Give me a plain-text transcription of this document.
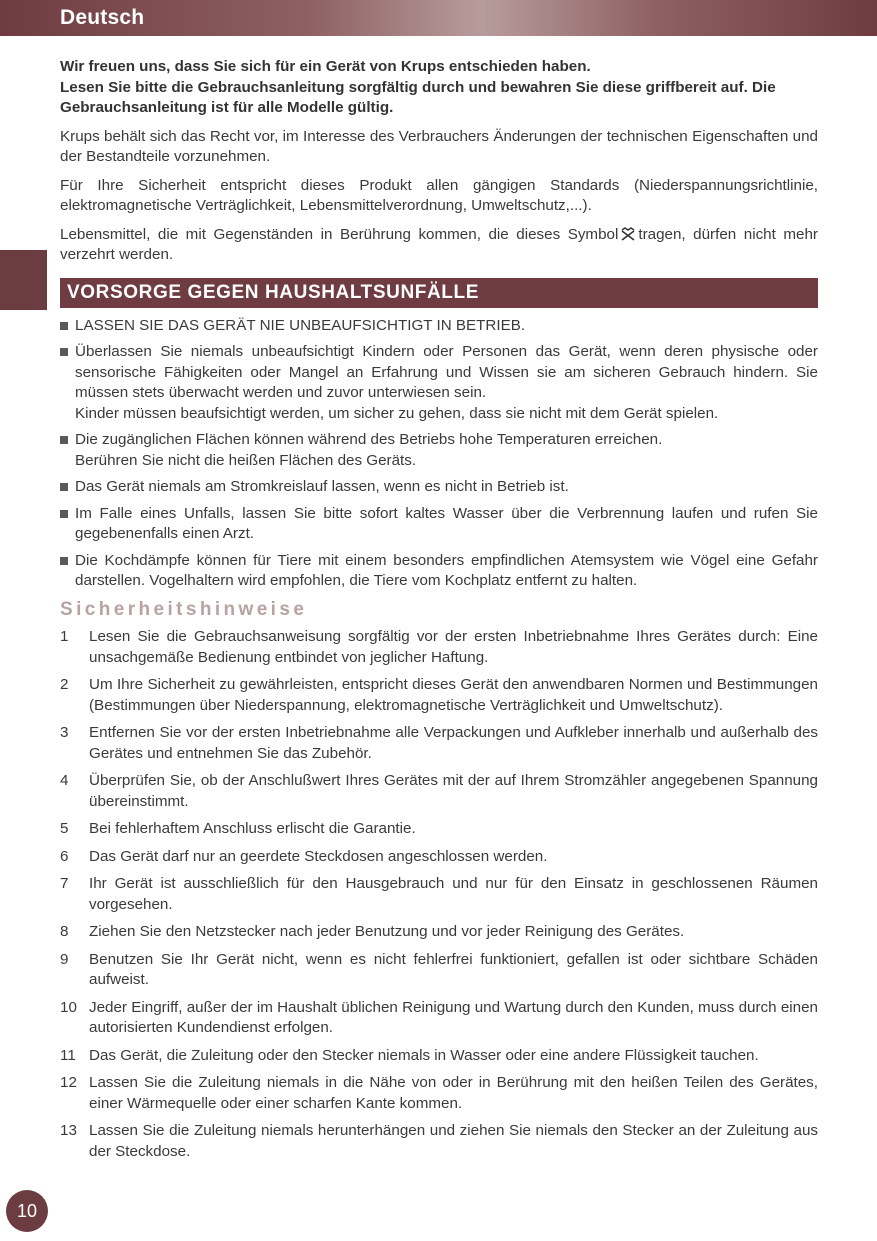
Deutsch

Wir freuen uns, dass Sie sich für ein Gerät von Krups entschieden haben.

Lesen Sie bitte die Gebrauchsanleitung sorgfältig durch und bewahren Sie diese griffbereit auf. Die Gebrauchsanleitung ist für alle Modelle gültig.

Krups behält sich das Recht vor, im Interesse des Verbrauchers Änderungen der technischen Eigenschaften und der Bestandteile vorzunehmen.

Für Ihre Sicherheit entspricht dieses Produkt allen gängigen Standards (Niederspannungsrichtlinie, elektromagnetische Verträglichkeit, Lebensmittelverordnung, Umweltschutz,...).

Lebensmittel, die mit Gegenständen in Berührung kommen, die dieses Symbol tragen, dürfen nicht mehr verzehrt werden.

VORSORGE GEGEN HAUSHALTSUNFÄLLE
LASSEN SIE DAS GERÄT NIE UNBEAUFSICHTIGT IN BETRIEB.
Überlassen Sie niemals unbeaufsichtigt Kindern oder Personen das Gerät, wenn deren physische oder sensorische Fähigkeiten oder Mangel an Erfahrung und Wissen sie am sicheren Gebrauch hindern. Sie müssen stets überwacht werden und zuvor unterwiesen sein.
Kinder müssen beaufsichtigt werden, um sicher zu gehen, dass sie nicht mit dem Gerät spielen.
Die zugänglichen Flächen können während des Betriebs hohe Temperaturen erreichen.
Berühren Sie nicht die heißen Flächen des Geräts.
Das Gerät niemals am Stromkreislauf lassen, wenn es nicht in Betrieb ist.
Im Falle eines Unfalls, lassen Sie bitte sofort kaltes Wasser über die Verbrennung laufen und rufen Sie gegebenenfalls einen Arzt.
Die Kochdämpfe können für Tiere mit einem besonders empfindlichen Atemsystem wie Vögel eine Gefahr darstellen. Vogelhaltern wird empfohlen, die Tiere vom Kochplatz entfernt zu halten.
Sicherheitshinweise
1 Lesen Sie die Gebrauchsanweisung sorgfältig vor der ersten Inbetriebnahme Ihres Gerätes durch: Eine unsachgemäße Bedienung entbindet von jeglicher Haftung.
2 Um Ihre Sicherheit zu gewährleisten, entspricht dieses Gerät den anwendbaren Normen und Bestimmungen (Bestimmungen über Niederspannung, elektromagnetische Verträglichkeit und Umweltschutz).
3 Entfernen Sie vor der ersten Inbetriebnahme alle Verpackungen und Aufkleber innerhalb und außerhalb des Gerätes und entnehmen Sie das Zubehör.
4 Überprüfen Sie, ob der Anschlußwert Ihres Gerätes mit der auf Ihrem Stromzähler angegebenen Spannung übereinstimmt.
5 Bei fehlerhaftem Anschluss erlischt die Garantie.
6 Das Gerät darf nur an geerdete Steckdosen angeschlossen werden.
7 Ihr Gerät ist ausschließlich für den Hausgebrauch und nur für den Einsatz in geschlossenen Räumen vorgesehen.
8 Ziehen Sie den Netzstecker nach jeder Benutzung und vor jeder Reinigung des Gerätes.
9 Benutzen Sie Ihr Gerät nicht, wenn es nicht fehlerfrei funktioniert, gefallen ist oder sichtbare Schäden aufweist.
10 Jeder Eingriff, außer der im Haushalt üblichen Reinigung und Wartung durch den Kunden, muss durch einen autorisierten Kundendienst erfolgen.
11 Das Gerät, die Zuleitung oder den Stecker niemals in Wasser oder eine andere Flüssigkeit tauchen.
12 Lassen Sie die Zuleitung niemals in die Nähe von oder in Berührung mit den heißen Teilen des Gerätes, einer Wärmequelle oder einer scharfen Kante kommen.
13 Lassen Sie die Zuleitung niemals herunterhängen und ziehen Sie niemals den Stecker an der Zuleitung aus der Steckdose.
10
